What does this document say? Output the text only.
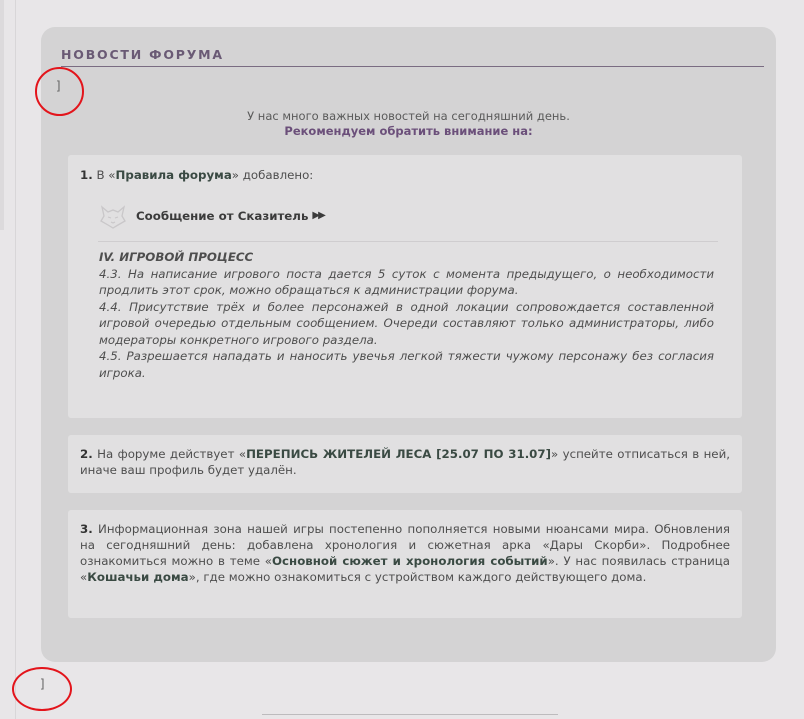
НОВОСТИ ФОРУМА
У нас много важных новостей на сегодняшний день.
Рекомендуем обратить внимание на:
1. В «Правила форума» добавлено:
Сообщение от Сказитель ▶▶
IV. ИГРОВОЙ ПРОЦЕСС
4.3. На написание игрового поста дается 5 суток с момента предыдущего, о необходимости продлить этот срок, можно обращаться к администрации форума.
4.4. Присутствие трёх и более персонажей в одной локации сопровождается составленной игровой очередью отдельным сообщением. Очереди составляют только администраторы, либо модераторы конкретного игрового раздела.
4.5. Разрешается нападать и наносить увечья легкой тяжести чужому персонажу без согласия игрока.
2. На форуме действует «ПЕРЕПИСЬ ЖИТЕЛЕЙ ЛЕСА [25.07 ПО 31.07]» успейте отписаться в ней, иначе ваш профиль будет удалён.
3. Информационная зона нашей игры постепенно пополняется новыми нюансами мира. Обновления на сегодняшний день: добавлена хронология и сюжетная арка «Дары Скорби». Подробнее ознакомиться можно в теме «Основной сюжет и хронология событий». У нас появилась страница «Кошачьи дома», где можно ознакомиться с устройством каждого действующего дома.
]
]
